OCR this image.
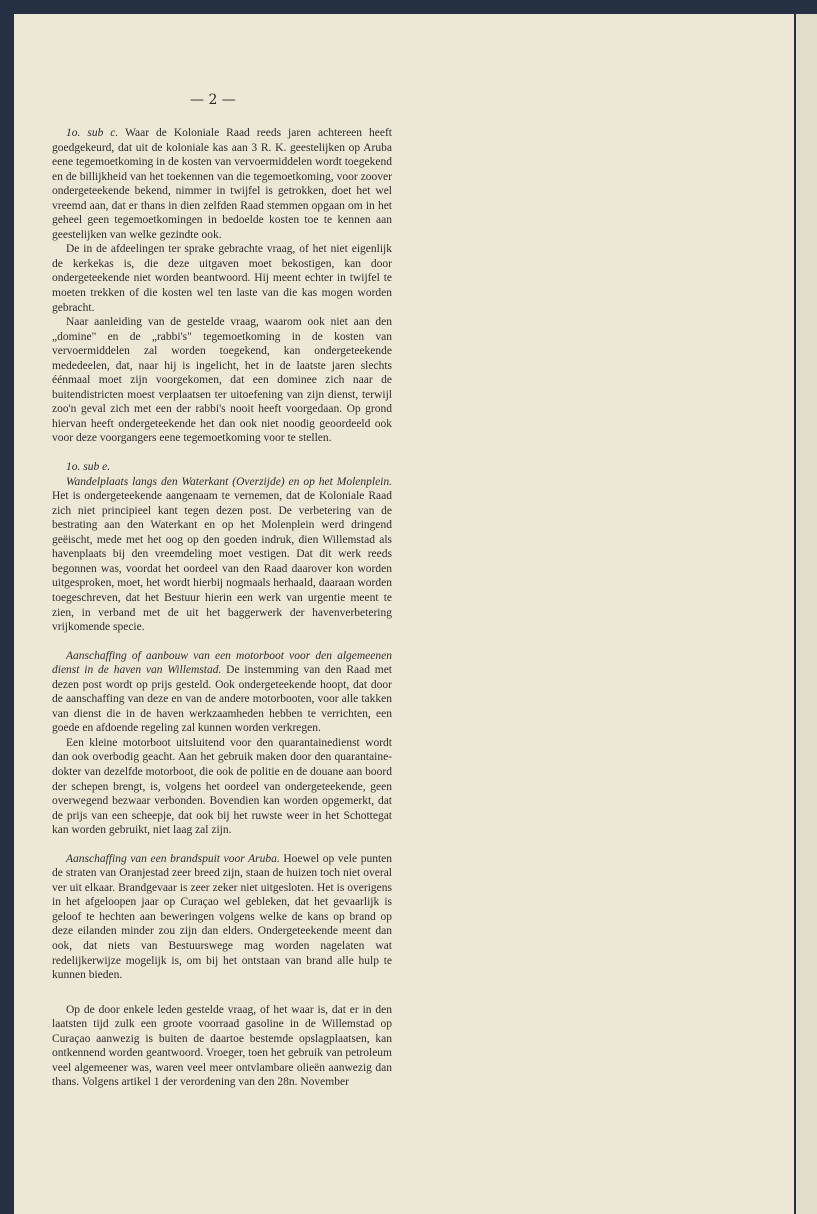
— 2 —

1o. sub c. Waar de Koloniale Raad reeds jaren achtereen heeft goedgekeurd, dat uit de koloniale kas aan 3 R. K. geestelijken op Aruba eene tegemoetkoming in de kosten van vervoermiddelen wordt toegekend en de billijkheid van het toekennen van die tegemoetkoming, voor zoover ondergeteekende bekend, nimmer in twijfel is getrokken, doet het wel vreemd aan, dat er thans in dien zelfden Raad stemmen opgaan om in het geheel geen tegemoetkomingen in bedoelde kosten toe te kennen aan geestelijken van welke gezindte ook.

De in de afdeelingen ter sprake gebrachte vraag, of het niet eigenlijk de kerkekas is, die deze uitgaven moet bekostigen, kan door ondergeteekende niet worden beantwoord. Hij meent echter in twijfel te moeten trekken of die kosten wel ten laste van die kas mogen worden gebracht.

Naar aanleiding van de gestelde vraag, waarom ook niet aan den „domine" en de „rabbi's" tegemoetkoming in de kosten van vervoermiddelen zal worden toegekend, kan ondergeteekende mededeelen, dat, naar hij is ingelicht, het in de laatste jaren slechts éénmaal moet zijn voorgekomen, dat een dominee zich naar de buitendistricten moest verplaatsen ter uitoefening van zijn dienst, terwijl zoo'n geval zich met een der rabbi's nooit heeft voorgedaan. Op grond hiervan heeft ondergeteekende het dan ook niet noodig geoordeeld ook voor deze voorgangers eene tegemoetkoming voor te stellen.

1o. sub e.

Wandelplaats langs den Waterkant (Overzijde) en op het Molenplein. Het is ondergeteekende aangenaam te vernemen, dat de Koloniale Raad zich niet principieel kant tegen dezen post. De verbetering van de bestrating aan den Waterkant en op het Molenplein werd dringend geëischt, mede met het oog op den goeden indruk, dien Willemstad als havenplaats bij den vreemdeling moet vestigen. Dat dit werk reeds begonnen was, voordat het oordeel van den Raad daarover kon worden uitgesproken, moet, het wordt hierbij nogmaals herhaald, daaraan worden toegeschreven, dat het Bestuur hierin een werk van urgentie meent te zien, in verband met de uit het baggerwerk der havenverbetering vrijkomende specie.

Aanschaffing of aanbouw van een motorboot voor den algemeenen dienst in de haven van Willemstad. De instemming van den Raad met dezen post wordt op prijs gesteld. Ook ondergeteekende hoopt, dat door de aanschaffing van deze en van de andere motorbooten, voor alle takken van dienst die in de haven werkzaamheden hebben te verrichten, een goede en afdoende regeling zal kunnen worden verkregen.

Een kleine motorboot uitsluitend voor den quarantainedienst wordt dan ook overbodig geacht. Aan het gebruik maken door den quarantaine-dokter van dezelfde motorboot, die ook de politie en de douane aan boord der schepen brengt, is, volgens het oordeel van ondergeteekende, geen overwegend bezwaar verbonden. Bovendien kan worden opgemerkt, dat de prijs van een scheepje, dat ook bij het ruwste weer in het Schottegat kan worden gebruikt, niet laag zal zijn.

Aanschaffing van een brandspuit voor Aruba. Hoewel op vele punten de straten van Oranjestad zeer breed zijn, staan de huizen toch niet overal ver uit elkaar. Brandgevaar is zeer zeker niet uitgesloten. Het is overigens in het afgeloopen jaar op Curaçao wel gebleken, dat het gevaarlijk is geloof te hechten aan beweringen volgens welke de kans op brand op deze eilanden minder zou zijn dan elders. Ondergeteekende meent dan ook, dat niets van Bestuurswege mag worden nagelaten wat redelijkerwijze mogelijk is, om bij het ontstaan van brand alle hulp te kunnen bieden.

Op de door enkele leden gestelde vraag, of het waar is, dat er in den laatsten tijd zulk een groote voorraad gasoline in de Willemstad op Curaçao aanwezig is buiten de daartoe bestemde opslagplaatsen, kan ontkennend worden geantwoord. Vroeger, toen het gebruik van petroleum veel algemeener was, waren veel meer ontvlambare olieën aanwezig dan thans. Volgens artikel 1 der verordening van den 28n. November
